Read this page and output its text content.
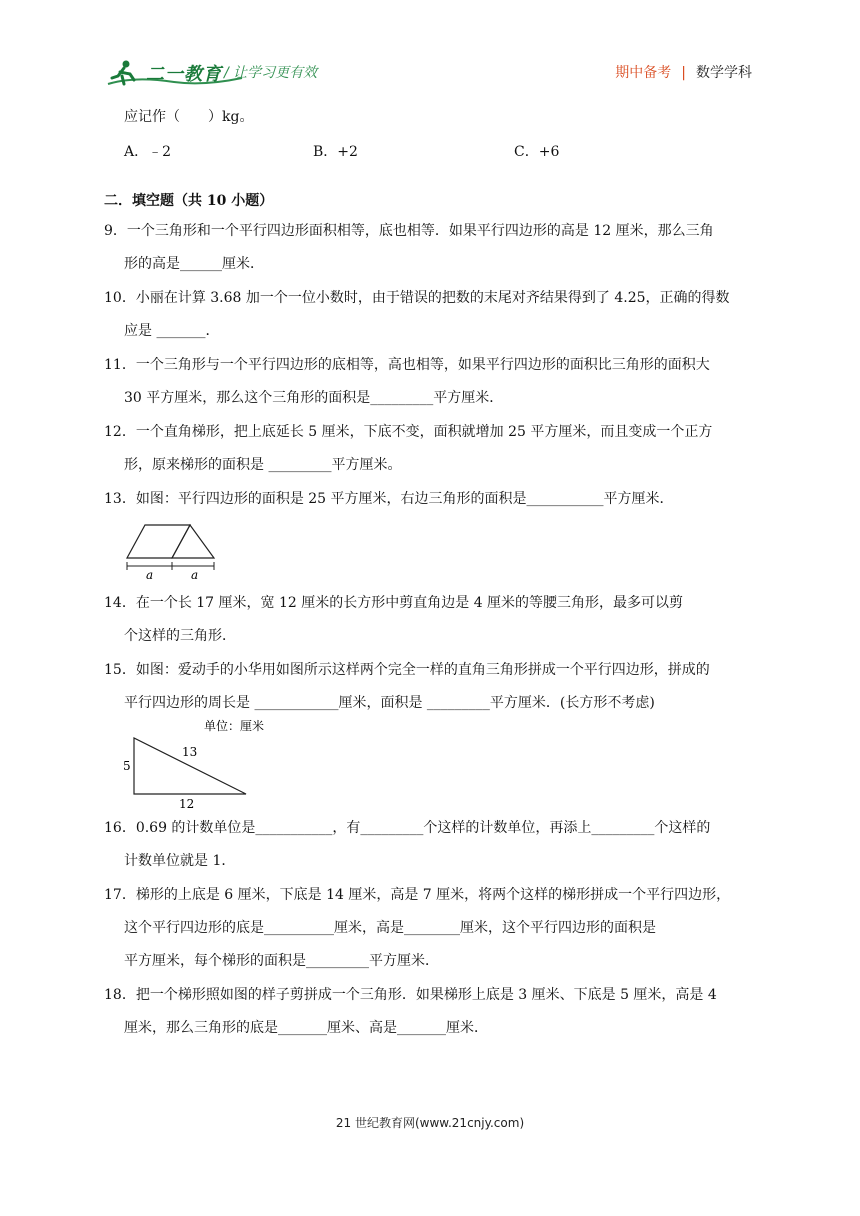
二一教育 / 让学习更有效	期中备考 | 数学学科
应记作（　　）kg。
A．﹣2	B．+2	C．+6
二．填空题（共 10 小题）
9．一个三角形和一个平行四边形面积相等，底也相等．如果平行四边形的高是 12 厘米，那么三角
形的高是______厘米．
10．小丽在计算 3.68 加一个一位小数时，由于错误的把数的末尾对齐结果得到了 4.25，正确的得数
应是 _______．
11．一个三角形与一个平行四边形的底相等，高也相等，如果平行四边形的面积比三角形的面积大
30 平方厘米，那么这个三角形的面积是_________平方厘米．
12．一个直角梯形，把上底延长 5 厘米，下底不变，面积就增加 25 平方厘米，而且变成一个正方
形，原来梯形的面积是 _________平方厘米。
13．如图：平行四边形的面积是 25 平方厘米，右边三角形的面积是___________平方厘米．
a	a
14．在一个长 17 厘米，宽 12 厘米的长方形中剪直角边是 4 厘米的等腰三角形，最多可以剪
个这样的三角形．
15．如图：爱动手的小华用如图所示这样两个完全一样的直角三角形拼成一个平行四边形，拼成的
平行四边形的周长是 ____________厘米，面积是 _________平方厘米．(长方形不考虑)
单位：厘米
5
13
12
16．0.69 的计数单位是___________，有_________个这样的计数单位，再添上_________个这样的
计数单位就是 1．
17．梯形的上底是 6 厘米，下底是 14 厘米，高是 7 厘米，将两个这样的梯形拼成一个平行四边形，
这个平行四边形的底是__________厘米，高是________厘米，这个平行四边形的面积是
平方厘米，每个梯形的面积是_________平方厘米．
18．把一个梯形照如图的样子剪拼成一个三角形．如果梯形上底是 3 厘米、下底是 5 厘米，高是 4
厘米，那么三角形的底是_______厘米、高是_______厘米．
21 世纪教育网(www.21cnjy.com)
